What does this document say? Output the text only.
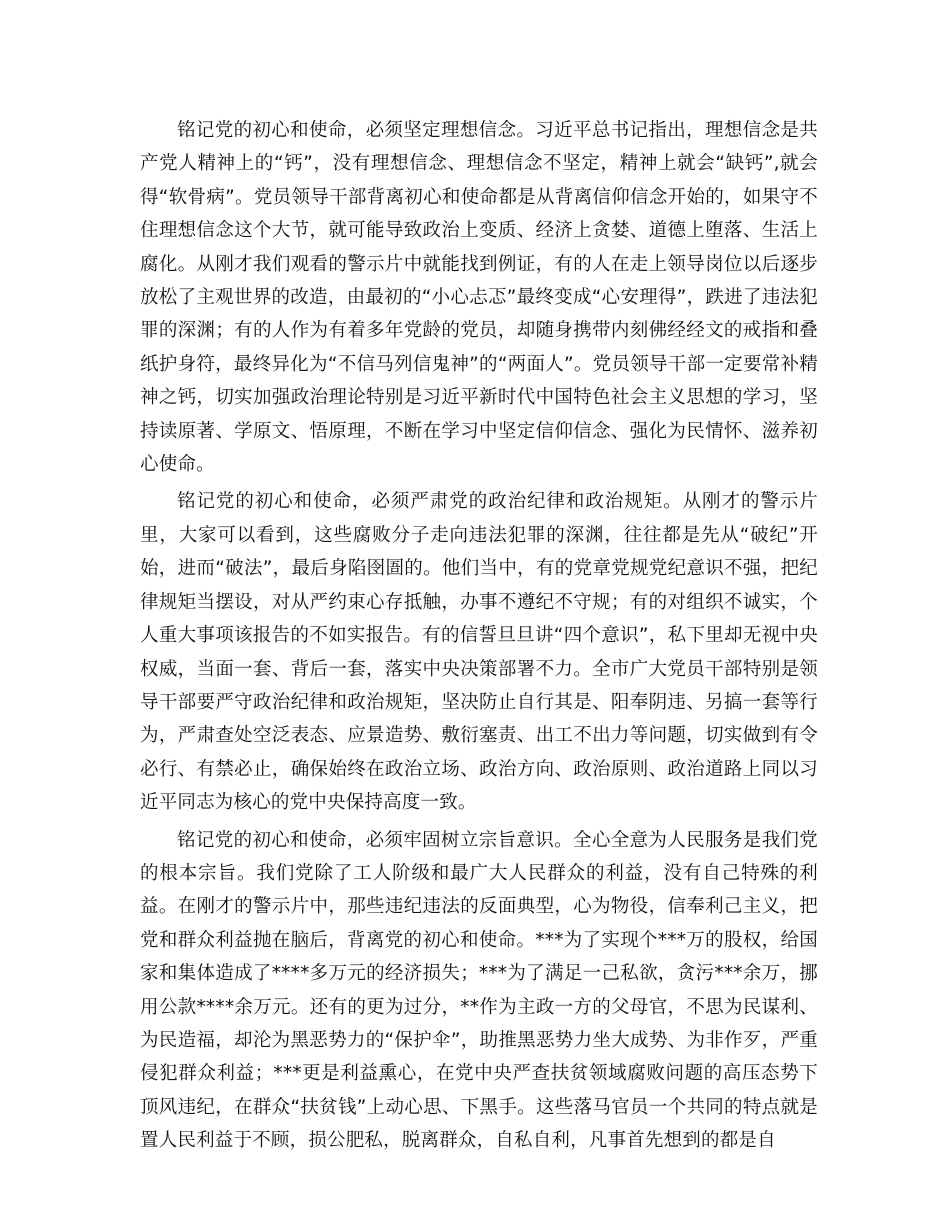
铭记党的初心和使命，必须坚定理想信念。习近平总书记指出，理想信念是共产党人精神上的“钙”，没有理想信念、理想信念不坚定，精神上就会“缺钙”,就会得“软骨病”。党员领导干部背离初心和使命都是从背离信仰信念开始的，如果守不住理想信念这个大节，就可能导致政治上变质、经济上贪婪、道德上堕落、生活上腐化。从刚才我们观看的警示片中就能找到例证，有的人在走上领导岗位以后逐步放松了主观世界的改造，由最初的“小心忐忑”最终变成“心安理得”，跌进了违法犯罪的深渊；有的人作为有着多年党龄的党员，却随身携带内刻佛经经文的戒指和叠纸护身符，最终异化为“不信马列信鬼神”的“两面人”。党员领导干部一定要常补精神之钙，切实加强政治理论特别是习近平新时代中国特色社会主义思想的学习，坚持读原著、学原文、悟原理，不断在学习中坚定信仰信念、强化为民情怀、滋养初心使命。

铭记党的初心和使命，必须严肃党的政治纪律和政治规矩。从刚才的警示片里，大家可以看到，这些腐败分子走向违法犯罪的深渊，往往都是先从“破纪”开始，进而“破法”，最后身陷囹圄的。他们当中，有的党章党规党纪意识不强，把纪律规矩当摆设，对从严约束心存抵触，办事不遵纪不守规；有的对组织不诚实，个人重大事项该报告的不如实报告。有的信誓旦旦讲“四个意识”，私下里却无视中央权威，当面一套、背后一套，落实中央决策部署不力。全市广大党员干部特别是领导干部要严守政治纪律和政治规矩，坚决防止自行其是、阳奉阴违、另搞一套等行为，严肃查处空泛表态、应景造势、敷衍塞责、出工不出力等问题，切实做到有令必行、有禁必止，确保始终在政治立场、政治方向、政治原则、政治道路上同以习近平同志为核心的党中央保持高度一致。

铭记党的初心和使命，必须牢固树立宗旨意识。全心全意为人民服务是我们党的根本宗旨。我们党除了工人阶级和最广大人民群众的利益，没有自己特殊的利益。在刚才的警示片中，那些违纪违法的反面典型，心为物役，信奉利己主义，把党和群众利益抛在脑后，背离党的初心和使命。***为了实现个***万的股权，给国家和集体造成了****多万元的经济损失；***为了满足一己私欲，贪污***余万，挪用公款****余万元。还有的更为过分，**作为主政一方的父母官，不思为民谋利、为民造福，却沦为黑恶势力的“保护伞”，助推黑恶势力坐大成势、为非作歹，严重侵犯群众利益；***更是利益熏心，在党中央严查扶贫领域腐败问题的高压态势下顶风违纪，在群众“扶贫钱”上动心思、下黑手。这些落马官员一个共同的特点就是置人民利益于不顾，损公肥私，脱离群众，自私自利，凡事首先想到的都是自
